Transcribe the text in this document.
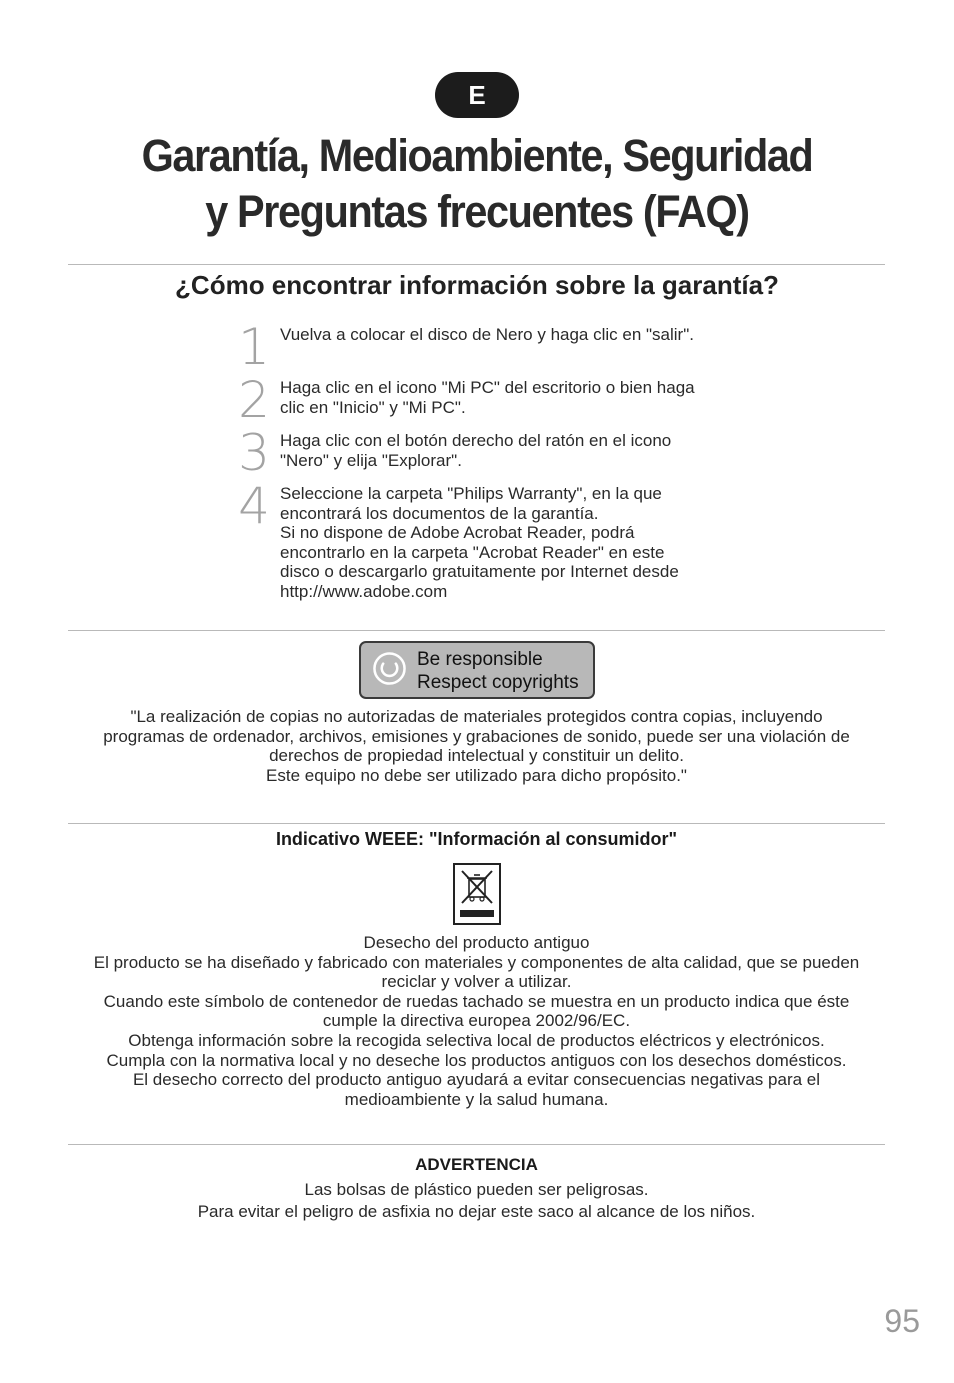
E
Garantía, Medioambiente, Seguridad
y Preguntas frecuentes (FAQ)
¿Cómo encontrar información sobre la garantía?
1 Vuelva a colocar el disco de Nero y haga clic en "salir".
2 Haga clic en el icono "Mi PC" del escritorio o bien haga
clic en "Inicio" y "Mi PC".
3 Haga clic con el botón derecho del ratón en el icono
"Nero" y elija "Explorar".
4 Seleccione la carpeta "Philips Warranty", en la que
encontrará los documentos de la garantía.
Si no dispone de Adobe Acrobat Reader, podrá
encontrarlo en la carpeta "Acrobat Reader" en este
disco o descargarlo gratuitamente por Internet desde
http://www.adobe.com
Be responsible
Respect copyrights
"La realización de copias no autorizadas de materiales protegidos contra copias, incluyendo
programas de ordenador, archivos, emisiones y grabaciones de sonido, puede ser una violación de
derechos de propiedad intelectual y constituir un delito.
Este equipo no debe ser utilizado para dicho propósito."
Indicativo WEEE: "Información al consumidor"
Desecho del producto antiguo
El producto se ha diseñado y fabricado con materiales y componentes de alta calidad, que se pueden
reciclar y volver a utilizar.
Cuando este símbolo de contenedor de ruedas tachado se muestra en un producto indica que éste
cumple la directiva europea 2002/96/EC.
Obtenga información sobre la recogida selectiva local de productos eléctricos y electrónicos.
Cumpla con la normativa local y no deseche los productos antiguos con los desechos domésticos.
El desecho correcto del producto antiguo ayudará a evitar consecuencias negativas para el
medioambiente y la salud humana.
ADVERTENCIA
Las bolsas de plástico pueden ser peligrosas.
Para evitar el peligro de asfixia no dejar este saco al alcance de los niños.
95
